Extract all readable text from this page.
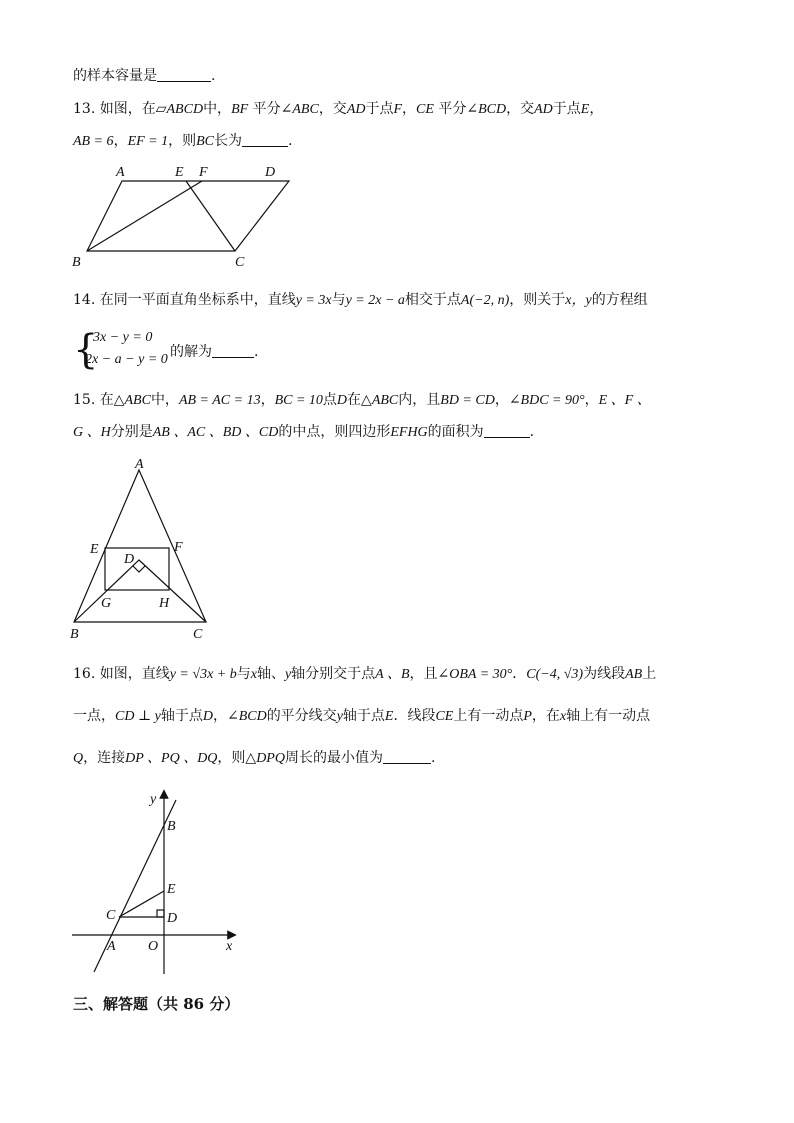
的样本容量是	.
13. 如图，在▱ABCD中，BF 平分∠ABC，交AD于点F，CE 平分∠BCD，交AD于点E，
AB = 6，EF = 1，则BC长为	.
A	E F	D
B	C
14. 在同一平面直角坐标系中，直线y = 3x与y = 2x − a相交于点A(−2, n)，则关于x，y的方程组
{
3x − y = 0
2x − a − y = 0 的解为	.
15. 在△ABC中，AB = AC = 13，BC = 10点D在△ABC内，且BD = CD，∠BDC = 90°，E 、F 、
G 、H分别是AB 、AC 、BD 、CD的中点，则四边形EFHG的面积为	.
A
E	F
D
G	H
B	C
16. 如图，直线y = √3x + b与x轴、y轴分别交于点A 、B，且∠OBA = 30°．C(−4, √3)为线段AB上
一点，CD ⊥ y轴于点D，∠BCD的平分线交y轴于点E．线段CE上有一动点P，在x轴上有一动点
Q，连接DP 、PQ 、DQ，则△DPQ周长的最小值为	.
y
B
E
C	D
A O	x
三、解答题（共 86 分）
